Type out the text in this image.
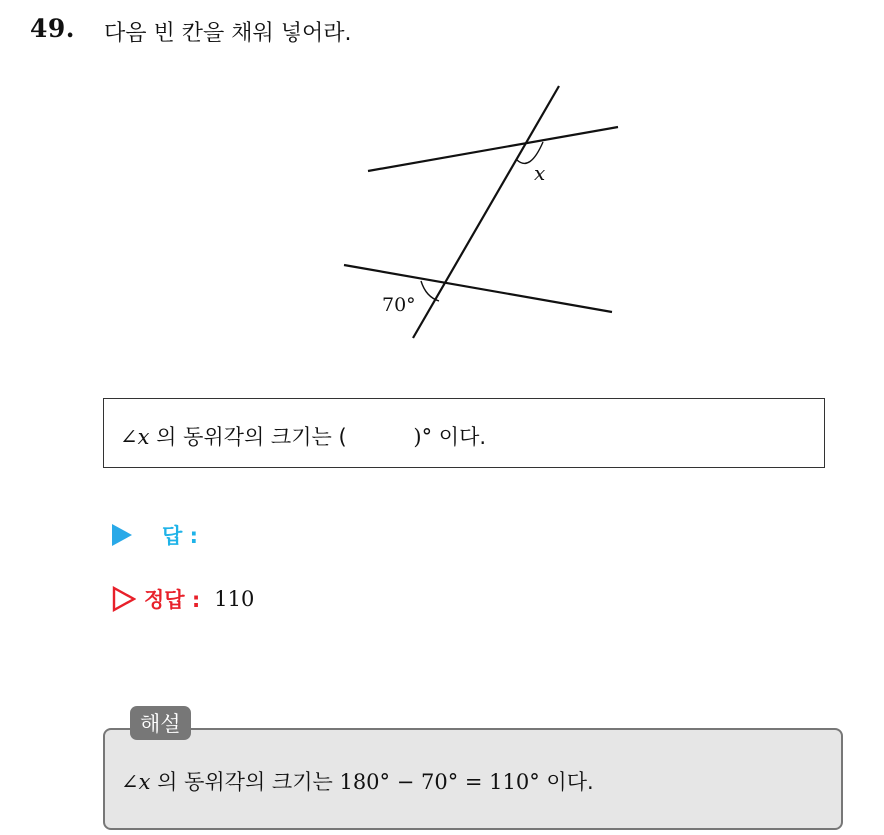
49. 다음 빈 칸을 채워 넣어라.
x
70°
∠x 의 동위각의 크기는 (	)° 이다.
답 :
정답 : 110
∠x 의 동위각의 크기는 180° − 70° = 110° 이다.
해설
